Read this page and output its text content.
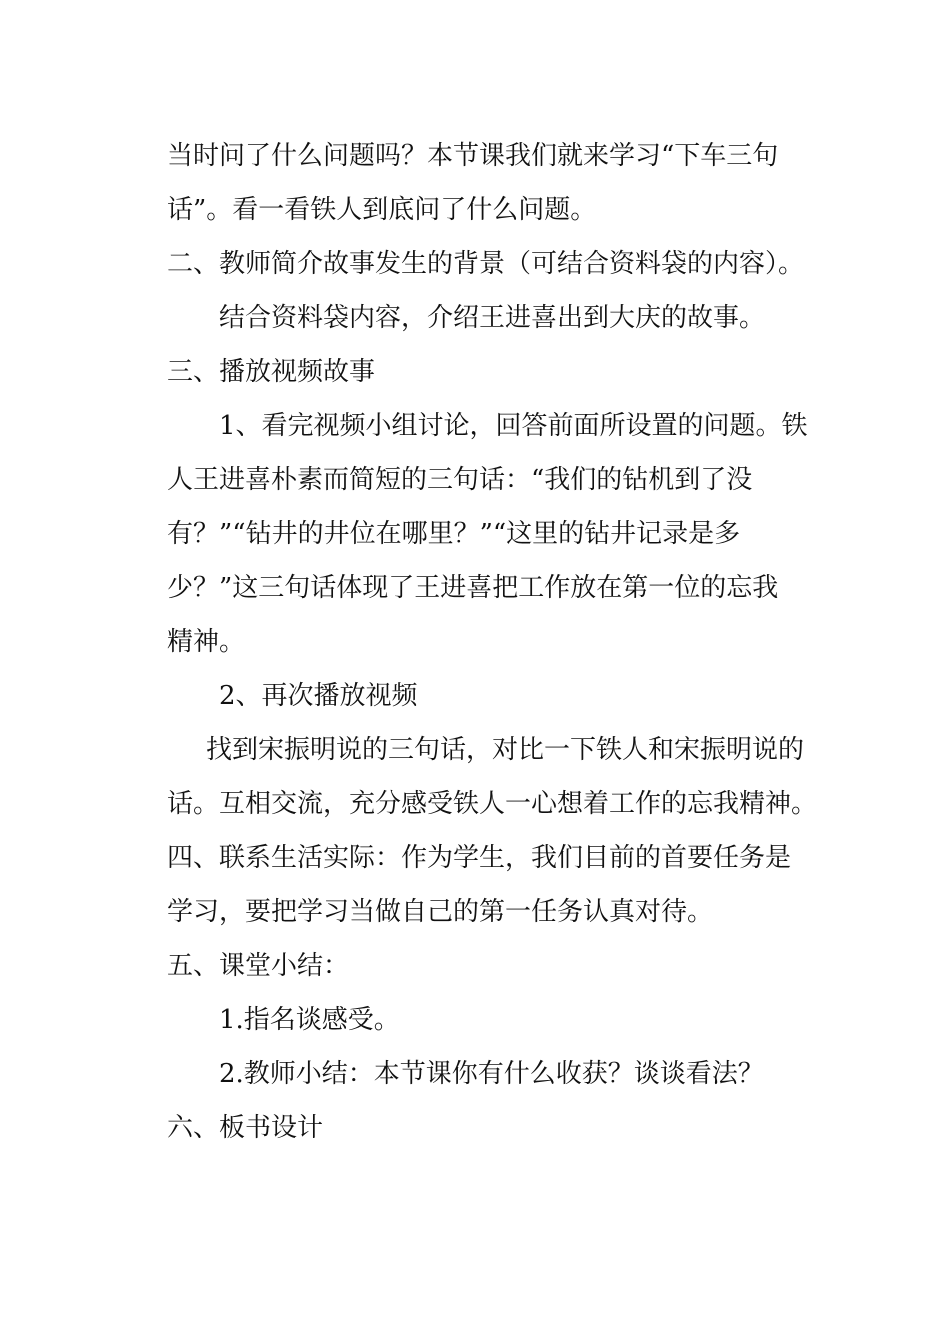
当时问了什么问题吗？本节课我们就来学习“下车三句
话”。看一看铁人到底问了什么问题。
二、教师简介故事发生的背景（可结合资料袋的内容）。
结合资料袋内容，介绍王进喜出到大庆的故事。
三、播放视频故事
1、看完视频小组讨论，回答前面所设置的问题。铁
人王进喜朴素而简短的三句话：“我们的钻机到了没
有？”“钻井的井位在哪里？”“这里的钻井记录是多
少？”这三句话体现了王进喜把工作放在第一位的忘我
精神。
2、再次播放视频
找到宋振明说的三句话，对比一下铁人和宋振明说的
话。互相交流，充分感受铁人一心想着工作的忘我精神。
四、联系生活实际：作为学生，我们目前的首要任务是
学习，要把学习当做自己的第一任务认真对待。
五、课堂小结：
1.指名谈感受。
2.教师小结：本节课你有什么收获？谈谈看法？
六、板书设计
